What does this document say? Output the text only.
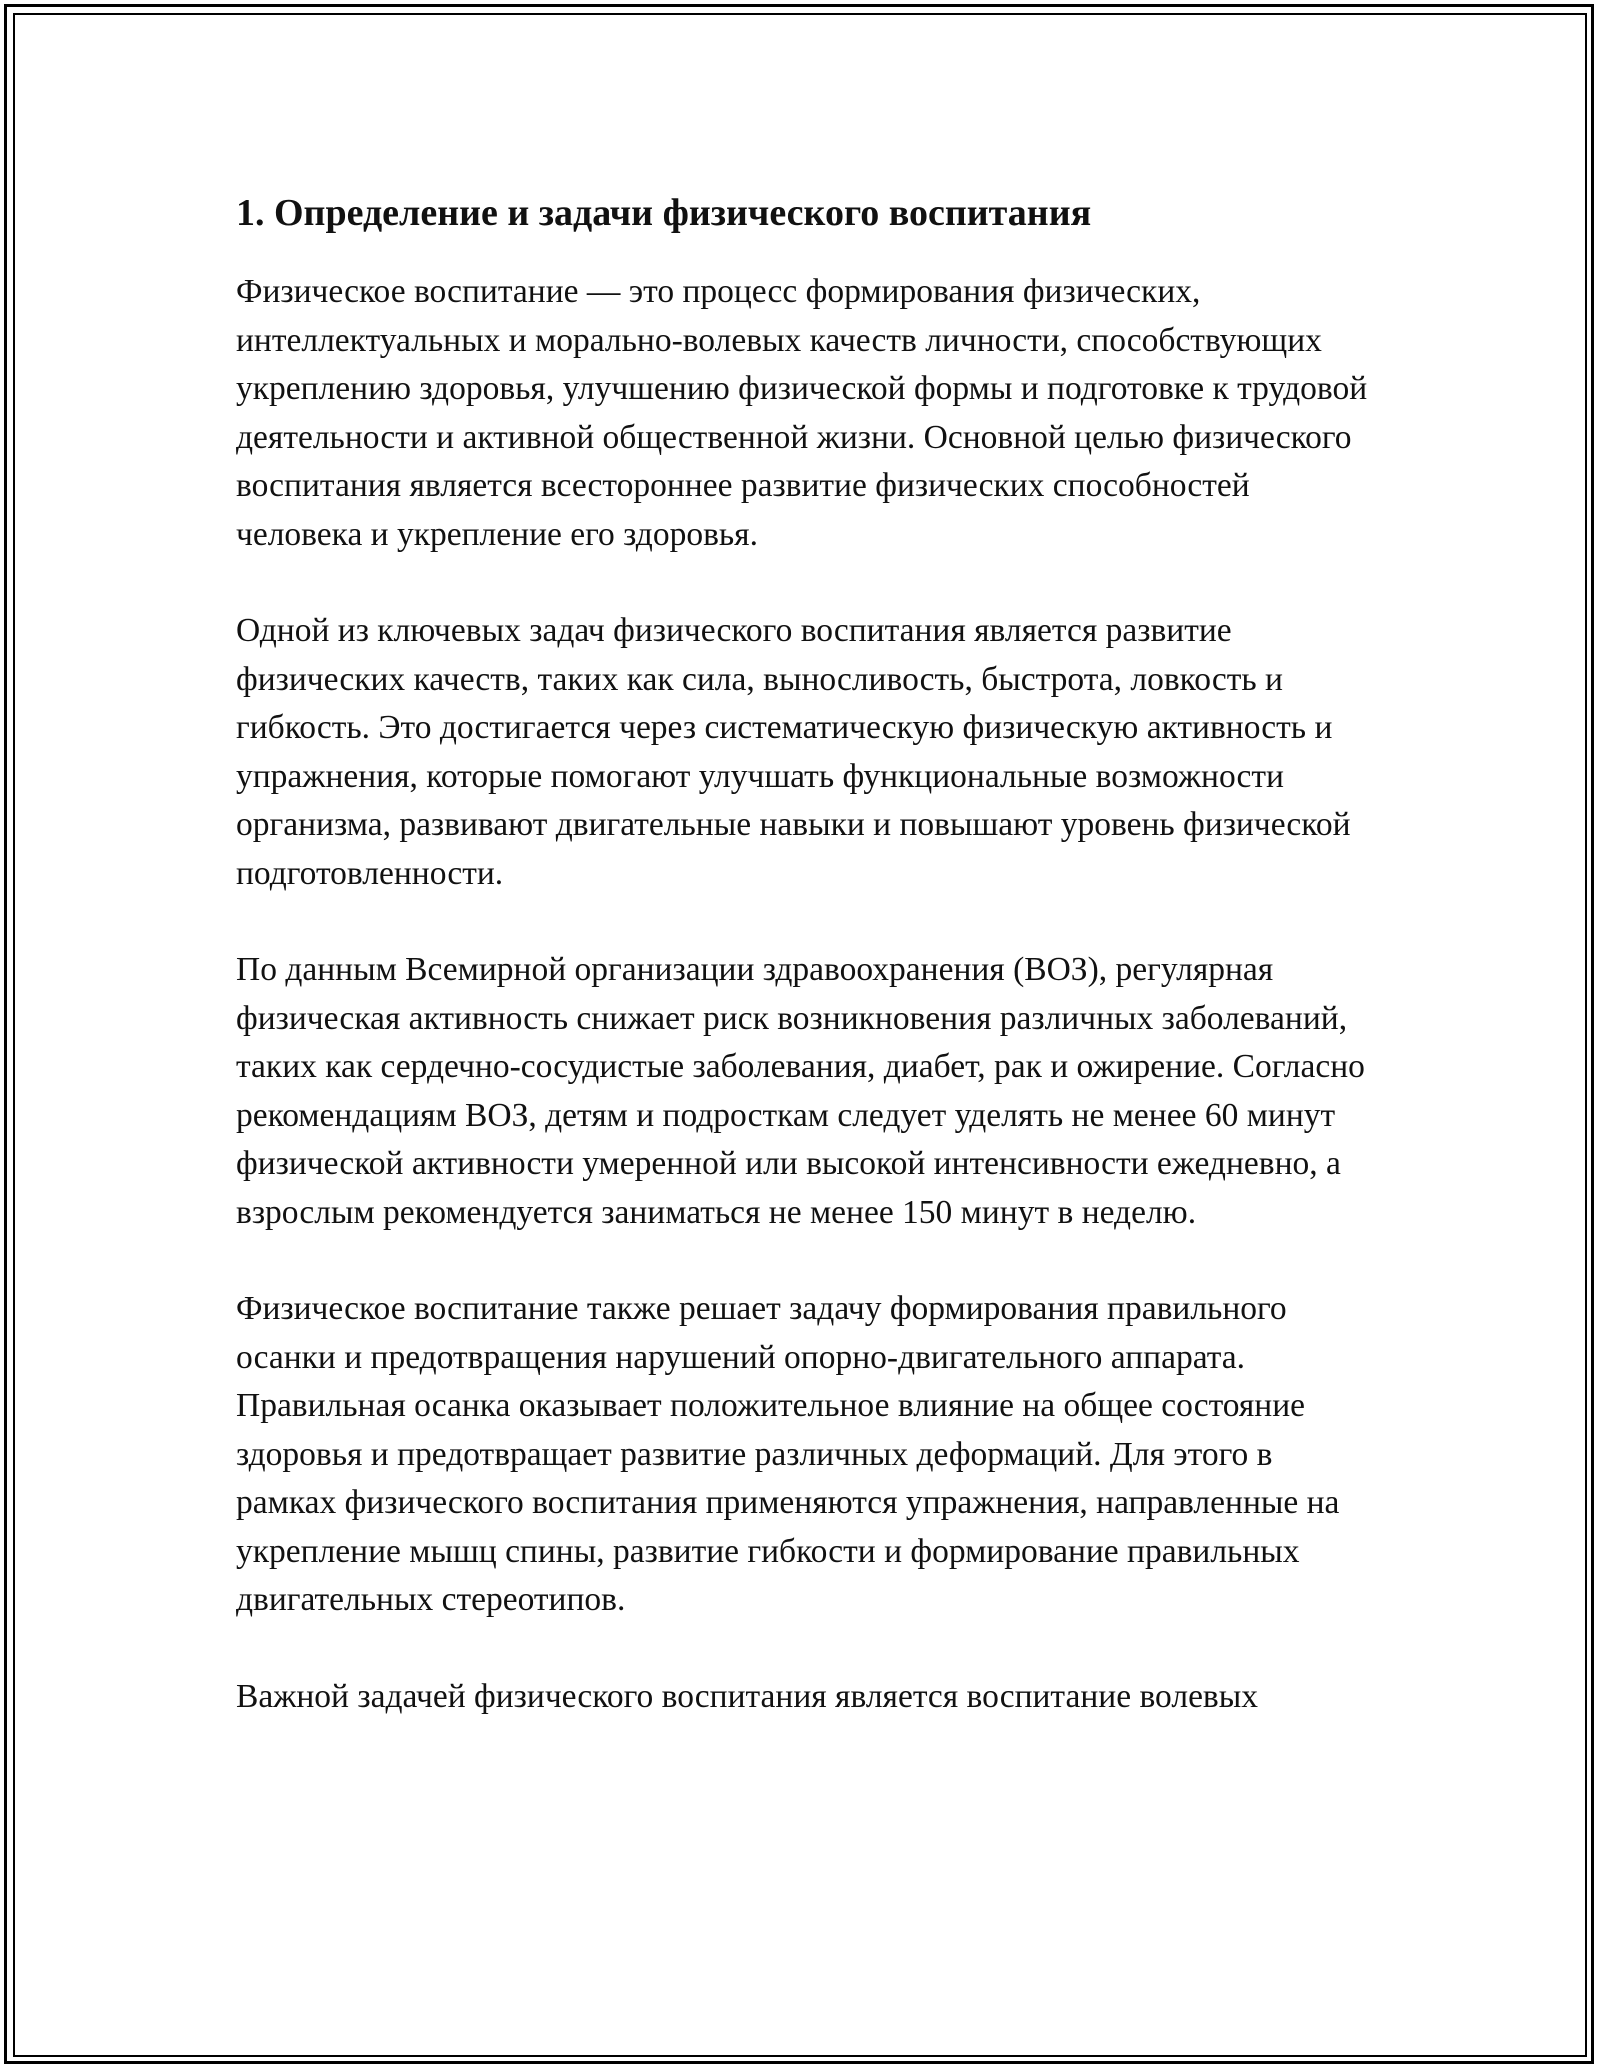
1. Определение и задачи физического воспитания

Физическое воспитание — это процесс формирования физических, интеллектуальных и морально-волевых качеств личности, способствующих укреплению здоровья, улучшению физической формы и подготовке к трудовой деятельности и активной общественной жизни. Основной целью физического воспитания является всестороннее развитие физических способностей человека и укрепление его здоровья.

Одной из ключевых задач физического воспитания является развитие физических качеств, таких как сила, выносливость, быстрота, ловкость и гибкость. Это достигается через систематическую физическую активность и упражнения, которые помогают улучшать функциональные возможности организма, развивают двигательные навыки и повышают уровень физической подготовленности.

По данным Всемирной организации здравоохранения (ВОЗ), регулярная физическая активность снижает риск возникновения различных заболеваний, таких как сердечно-сосудистые заболевания, диабет, рак и ожирение. Согласно рекомендациям ВОЗ, детям и подросткам следует уделять не менее 60 минут физической активности умеренной или высокой интенсивности ежедневно, а взрослым рекомендуется заниматься не менее 150 минут в неделю.

Физическое воспитание также решает задачу формирования правильного осанки и предотвращения нарушений опорно-двигательного аппарата. Правильная осанка оказывает положительное влияние на общее состояние здоровья и предотвращает развитие различных деформаций. Для этого в рамках физического воспитания применяются упражнения, направленные на укрепление мышц спины, развитие гибкости и формирование правильных двигательных стереотипов.

Важной задачей физического воспитания является воспитание волевых
